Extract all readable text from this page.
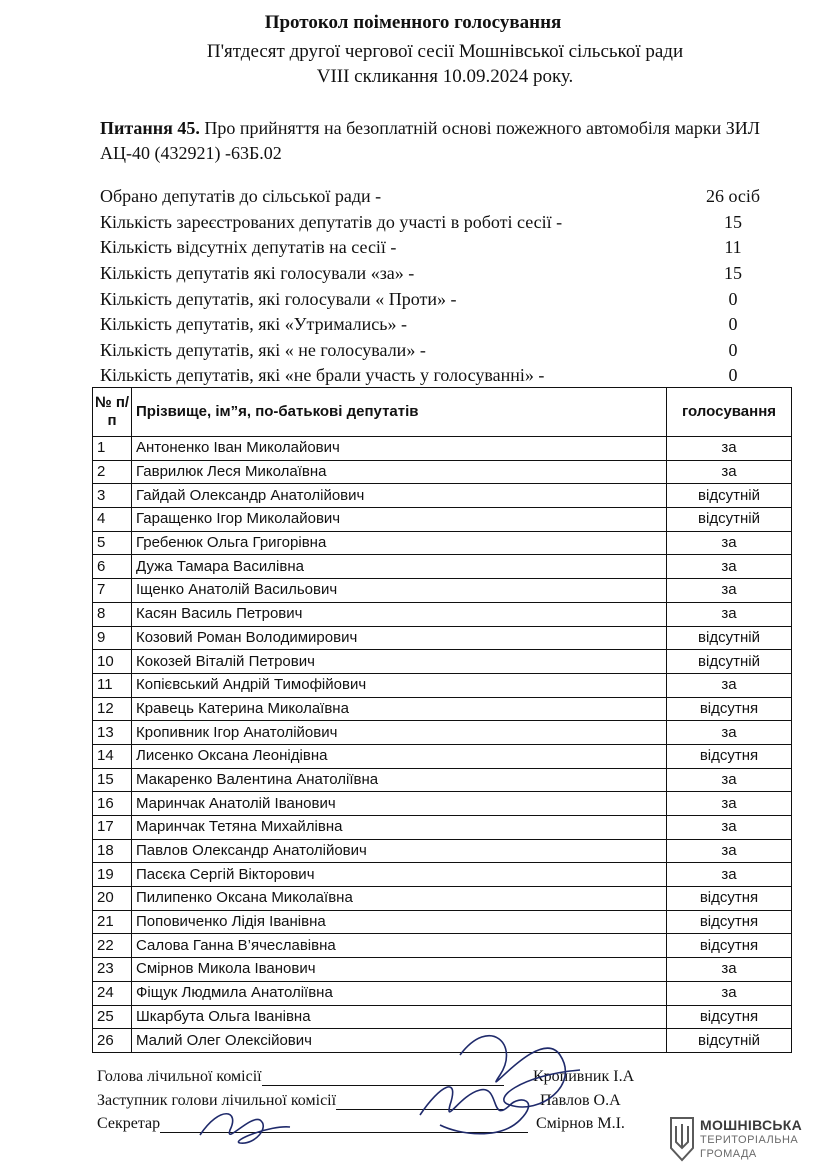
Протокол поіменного голосування
П'ятдесят другої чергової сесії Мошнівської сільської ради
VIII скликання 10.09.2024 року.
Питання 45. Про прийняття на безоплатній основі пожежного автомобіля марки ЗИЛ АЦ-40 (432921) -63Б.02
Обрано депутатів до сільської ради -	26 осіб
Кількість зареєстрованих депутатів до участі в роботі сесії -	15
Кількість відсутніх депутатів на сесії -	11
Кількість депутатів які голосували «за» -	15
Кількість депутатів, які голосували « Проти» -	0
Кількість депутатів, які «Утримались» -	0
Кількість депутатів, які « не голосували» -	0
Кількість депутатів, які «не брали участь у голосуванні» -	0
№ п/п	Прізвище, ім”я, по-батькові депутатів	голосування
1	Антоненко Іван Миколайович	за
2	Гаврилюк Леся Миколаївна	за
3	Гайдай Олександр Анатолійович	відсутній
4	Гаращенко Ігор Миколайович	відсутній
5	Гребенюк Ольга Григорівна	за
6	Дужа Тамара Василівна	за
7	Іщенко Анатолій Васильович	за
8	Касян Василь Петрович	за
9	Козовий Роман Володимирович	відсутній
10	Кокозей Віталій Петрович	відсутній
11	Копієвський Андрій Тимофійович	за
12	Кравець Катерина Миколаївна	відсутня
13	Кропивник Ігор Анатолійович	за
14	Лисенко Оксана Леонідівна	відсутня
15	Макаренко Валентина Анатоліївна	за
16	Маринчак Анатолій Іванович	за
17	Маринчак Тетяна Михайлівна	за
18	Павлов Олександр Анатолійович	за
19	Пасєка Сергій Вікторович	за
20	Пилипенко Оксана Миколаївна	відсутня
21	Поповиченко Лідія Іванівна	відсутня
22	Салова Ганна В’ячеславівна	відсутня
23	Смірнов Микола Іванович	за
24	Фіщук Людмила Анатоліївна	за
25	Шкарбута Ольга Іванівна	відсутня
26	Малий Олег Олексійович	відсутній
Голова лічильної комісії	Кропивник І.А
Заступник голови лічильної комісії	Павлов О.А
Секретар	Смірнов М.І.	МОШНІВСЬКА
ТЕРИТОРІАЛЬНА
ГРОМАДА
